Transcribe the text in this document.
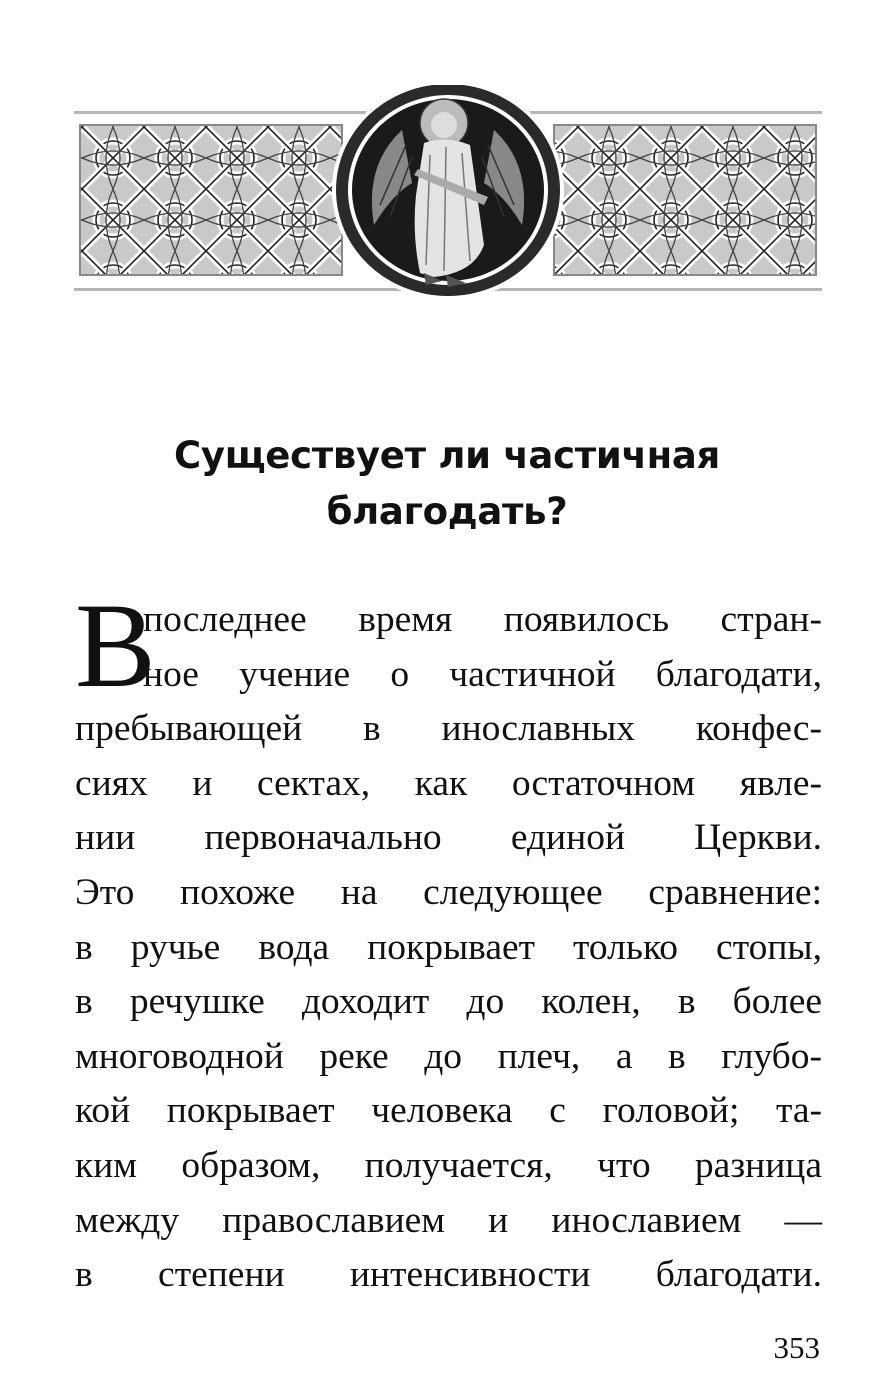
Существует ли частичная
благодать?
В
последнее время появилось стран-
ное учение о частичной благодати,
пребывающей в инославных конфес-
сиях и сектах, как остаточном явле-
нии первоначально единой Церкви.
Это похоже на следующее сравнение:
в ручье вода покрывает только стопы,
в речушке доходит до колен, в более
многоводной реке до плеч, а в глубо-
кой покрывает человека с головой; та-
ким образом, получается, что разница
между православием и инославием —
в степени интенсивности благодати.
353
